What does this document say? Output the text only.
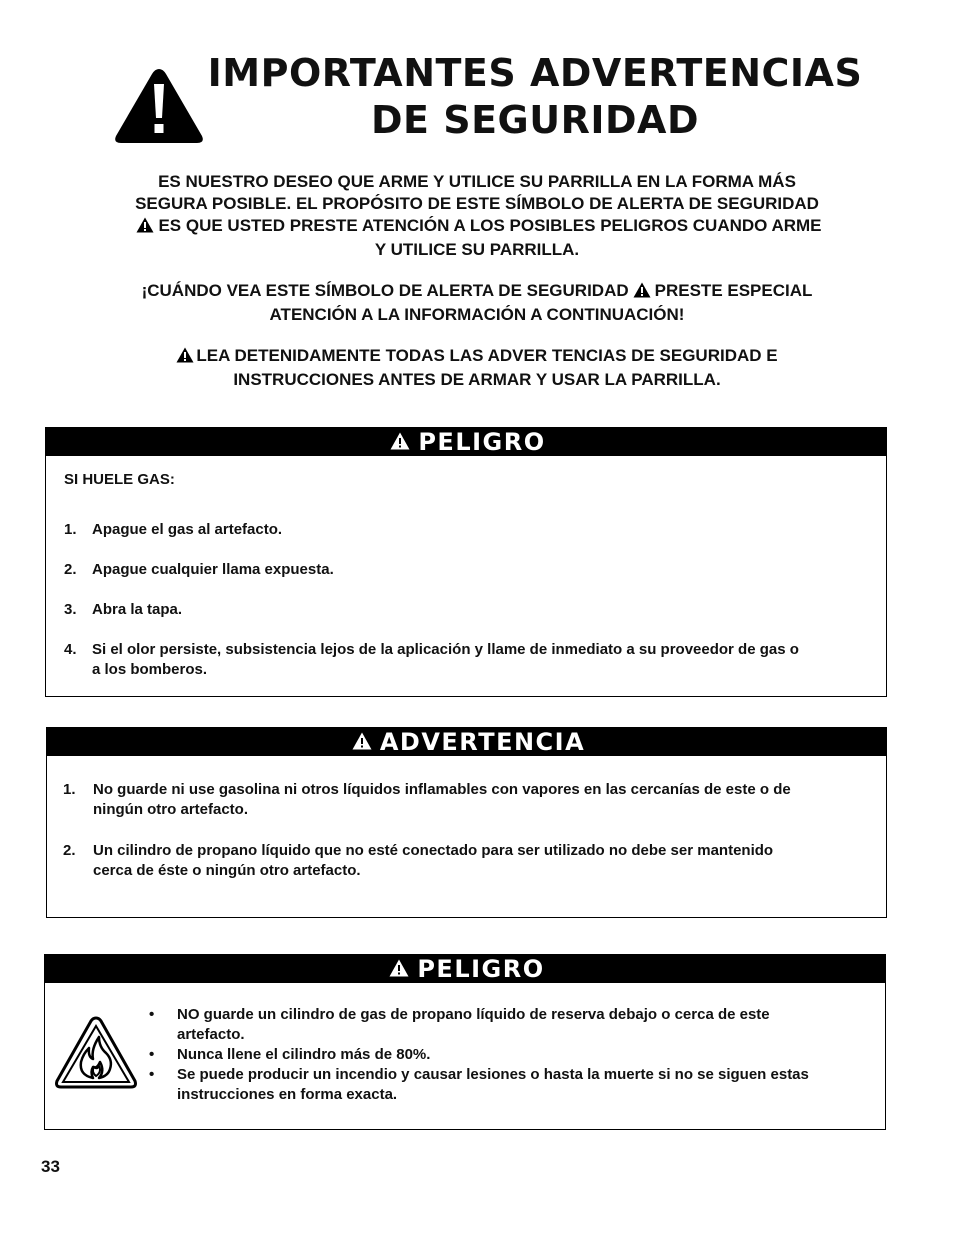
IMPORTANTES ADVERTENCIAS
DE SEGURIDAD
ES NUESTRO DESEO QUE ARME Y UTILICE SU PARRILLA EN LA FORMA MÁS
SEGURA POSIBLE. EL PROPÓSITO DE ESTE SÍMBOLO DE ALERTA DE SEGURIDAD
ES QUE USTED PRESTE ATENCIÓN A LOS POSIBLES PELIGROS CUANDO ARME
Y UTILICE SU PARRILLA.
¡CUÁNDO VEA ESTE SÍMBOLO DE ALERTA DE SEGURIDAD PRESTE ESPECIAL
ATENCIÓN A LA INFORMACIÓN A CONTINUACIÓN!
LEA DETENIDAMENTE TODAS LAS ADVER TENCIAS DE SEGURIDAD E
INSTRUCCIONES ANTES DE ARMAR Y USAR LA PARRILLA.
PELIGRO
SI HUELE GAS:
1. Apague el gas al artefacto.
2. Apague cualquier llama expuesta.
3. Abra la tapa.
4. Si el olor persiste, subsistencia lejos de la aplicación y llame de inmediato a su proveedor de gas o
a los bomberos.
ADVERTENCIA
1. No guarde ni use gasolina ni otros líquidos inflamables con vapores en las cercanías de este o de
ningún otro artefacto.
2. Un cilindro de propano líquido que no esté conectado para ser utilizado no debe ser mantenido
cerca de éste o ningún otro artefacto.
PELIGRO
• NO guarde un cilindro de gas de propano líquido de reserva debajo o cerca de este
artefacto.
• Nunca llene el cilindro más de 80%.
• Se puede producir un incendio y causar lesiones o hasta la muerte si no se siguen estas
instrucciones en forma exacta.
33
